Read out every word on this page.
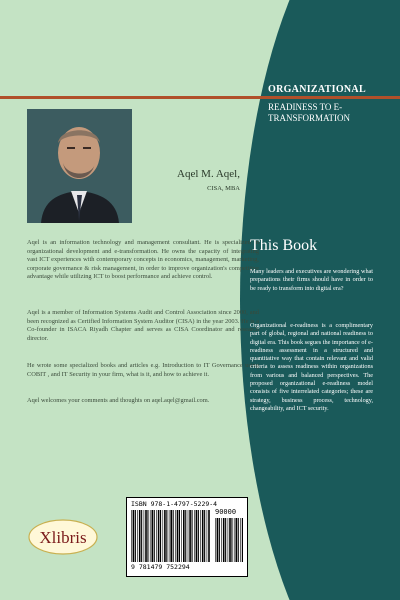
ORGANIZATIONAL
READINESS TO E-TRANSFORMATION
Aqel M. Aqel,
CISA, MBA

Aqel is an information technology and management consultant. He is specialized in organizational development and e-transformation. He owns the capacity of integrating vast ICT experiences with contemporary concepts in economics, management, marketing, corporate governance & risk management, in order to improve organization's competitive advantage while utilizing ICT to boost performance and achieve control.

Aqel is a member of Information Systems Audit and Control Association since 2000, and been recognized as Certified Information System Auditor (CISA) in the year 2003. He is a Co-founder in ISACA Riyadh Chapter and serves as CISA Coordinator and research director.

He wrote some specialized books and articles e.g. Introduction to IT Governance using COBIT , and IT Security in your firm, what is it, and how to achieve it.

Aqel welcomes your comments and thoughts on aqel.aqel@gmail.com.

This Book

Many leaders and executives are wondering what preparations their firms should have in order to be ready to transform into digital era?

Organizational e-readiness is a complimentary part of global, regional and national readiness to digital era. This book segues the importance of e-readiness assessment in a structured and quantitative way that contain relevant and valid criteria to assess readiness within organizations from various and balanced perspectives. The proposed organizational e-readiness model consists of five interrelated categories; these are strategy, business process, technology, changeability, and ICT security.

ISBN 978-1-4797-5229-4
90000
9 781479 752294
Xlibris
